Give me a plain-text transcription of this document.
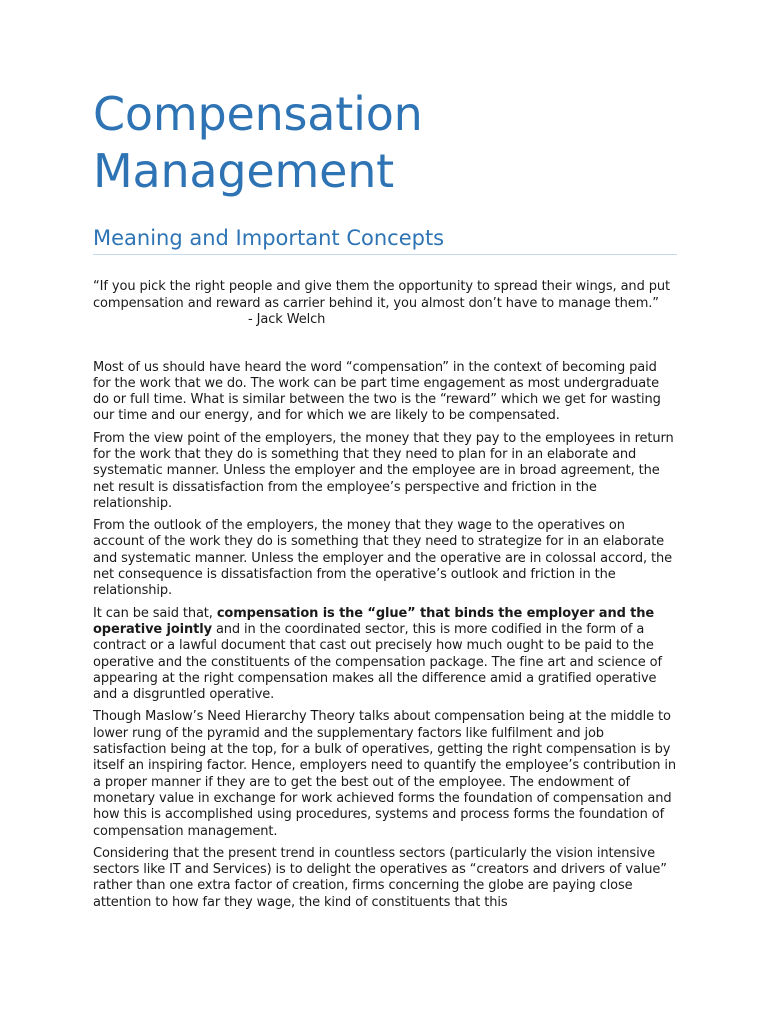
Compensation
Management
Meaning and Important Concepts

“If you pick the right people and give them the opportunity to spread their wings, and put compensation and reward as carrier behind it, you almost don’t have to manage them.”- Jack Welch

Most of us should have heard the word “compensation” in the context of becoming paid for the work that we do. The work can be part time engagement as most undergraduate do or full time. What is similar between the two is the “reward” which we get for wasting our time and our energy, and for which we are likely to be compensated.

From the view point of the employers, the money that they pay to the employees in return for the work that they do is something that they need to plan for in an elaborate and systematic manner. Unless the employer and the employee are in broad agreement, the net result is dissatisfaction from the employee’s perspective and friction in the relationship.

From the outlook of the employers, the money that they wage to the operatives on account of the work they do is something that they need to strategize for in an elaborate and systematic manner. Unless the employer and the operative are in colossal accord, the net consequence is dissatisfaction from the operative’s outlook and friction in the relationship.

It can be said that, compensation is the “glue” that binds the employer and the operative jointly and in the coordinated sector, this is more codified in the form of a contract or a lawful document that cast out precisely how much ought to be paid to the operative and the constituents of the compensation package. The fine art and science of appearing at the right compensation makes all the difference amid a gratified operative and a disgruntled operative.

Though Maslow’s Need Hierarchy Theory talks about compensation being at the middle to lower rung of the pyramid and the supplementary factors like fulfilment and job satisfaction being at the top, for a bulk of operatives, getting the right compensation is by itself an inspiring factor. Hence, employers need to quantify the employee’s contribution in a proper manner if they are to get the best out of the employee. The endowment of monetary value in exchange for work achieved forms the foundation of compensation and how this is accomplished using procedures, systems and process forms the foundation of compensation management.

Considering that the present trend in countless sectors (particularly the vision intensive sectors like IT and Services) is to delight the operatives as “creators and drivers of value” rather than one extra factor of creation, firms concerning the globe are paying close attention to how far they wage, the kind of constituents that this
